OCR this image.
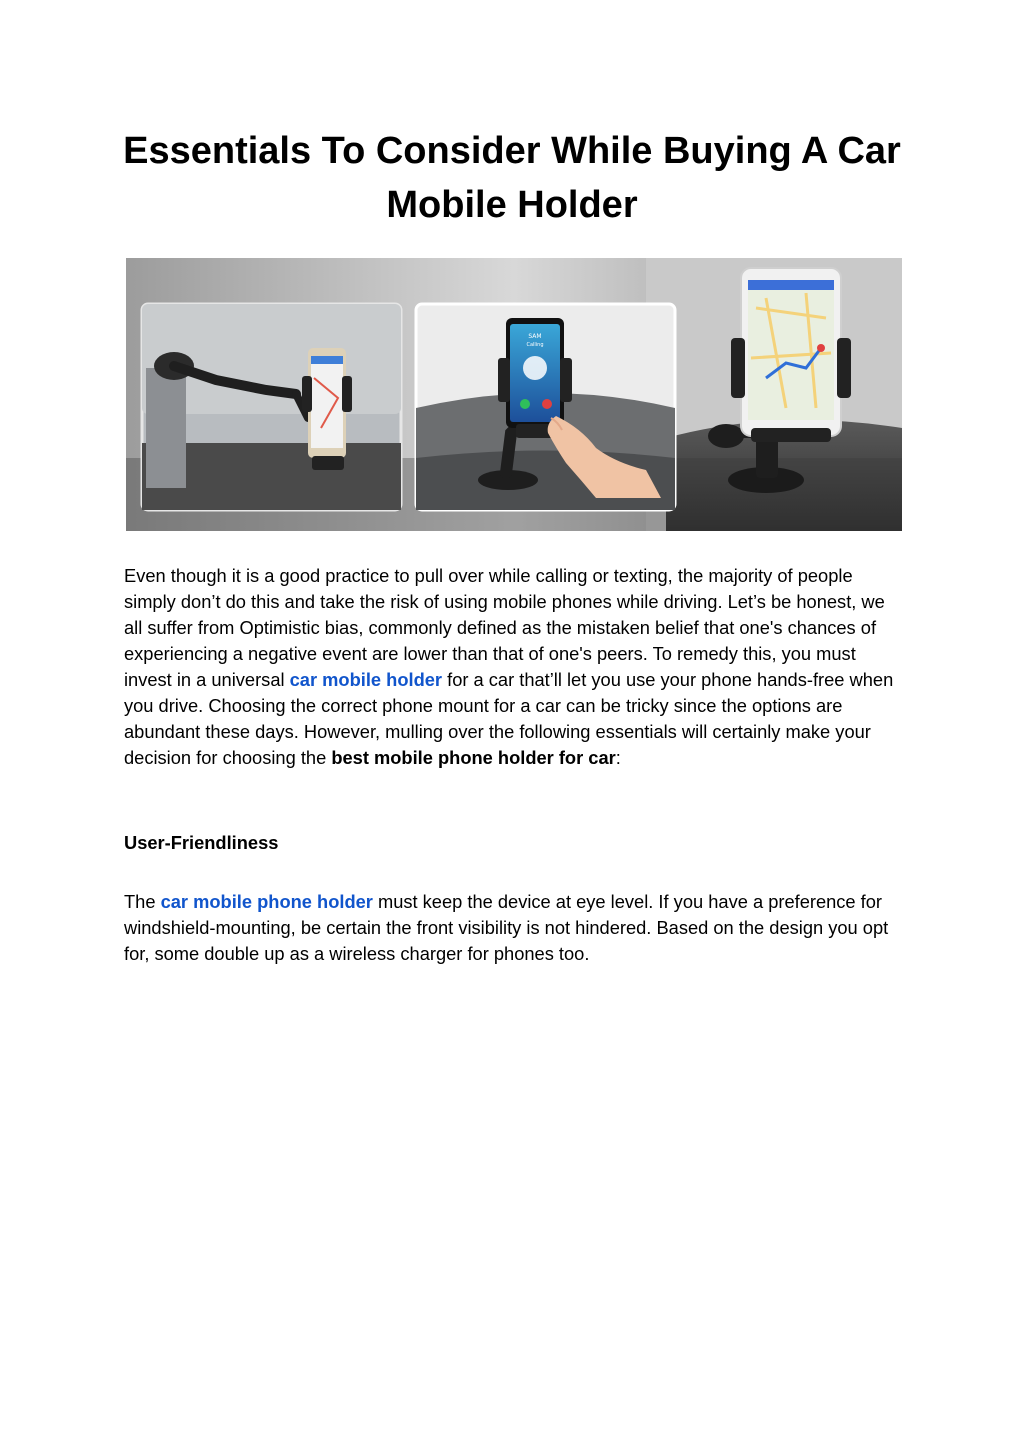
Essentials To Consider While Buying A Car Mobile Holder
SAM
Calling

Even though it is a good practice to pull over while calling or texting, the majority of people simply don’t do this and take the risk of using mobile phones while driving. Let’s be honest, we all suffer from Optimistic bias, commonly defined as the mistaken belief that one's chances of experiencing a negative event are lower than that of one's peers. To remedy this, you must invest in a universal car mobile holder for a car that’ll let you use your phone hands-free when you drive. Choosing the correct phone mount for a car can be tricky since the options are abundant these days. However, mulling over the following essentials will certainly make your decision for choosing the best mobile phone holder for car:

User-Friendliness

The car mobile phone holder must keep the device at eye level. If you have a preference for windshield-mounting, be certain the front visibility is not hindered. Based on the design you opt for, some double up as a wireless charger for phones too.
